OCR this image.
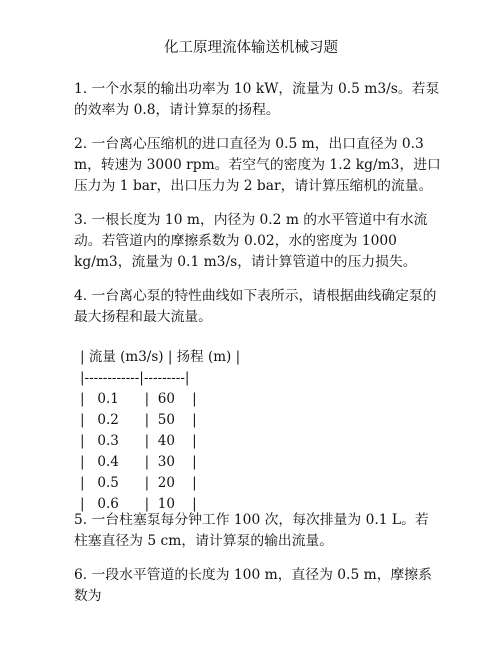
化工原理流体输送机械习题

1. 一个水泵的输出功率为 10 kW，流量为 0.5 m3/s。若泵的效率为 0.8，请计算泵的扬程。

2. 一台离心压缩机的进口直径为 0.5 m，出口直径为 0.3 m，转速为 3000 rpm。若空气的密度为 1.2 kg/m3，进口压力为 1 bar，出口压力为 2 bar，请计算压缩机的流量。

3. 一根长度为 10 m，内径为 0.2 m 的水平管道中有水流动。若管道内的摩擦系数为 0.02，水的密度为 1000 kg/m3，流量为 0.1 m3/s，请计算管道中的压力损失。

4. 一台离心泵的特性曲线如下表所示，请根据曲线确定泵的最大扬程和最大流量。

| 流量 (m3/s) | 扬程 (m) |
|------------|---------|
|   0.1      |  60    |
|   0.2      |  50    |
|   0.3      |  40    |
|   0.4      |  30    |
|   0.5      |  20    |
|   0.6      |  10    |

5. 一台柱塞泵每分钟工作 100 次，每次排量为 0.1 L。若柱塞直径为 5 cm，请计算泵的输出流量。

6. 一段水平管道的长度为 100 m，直径为 0.5 m，摩擦系数为
